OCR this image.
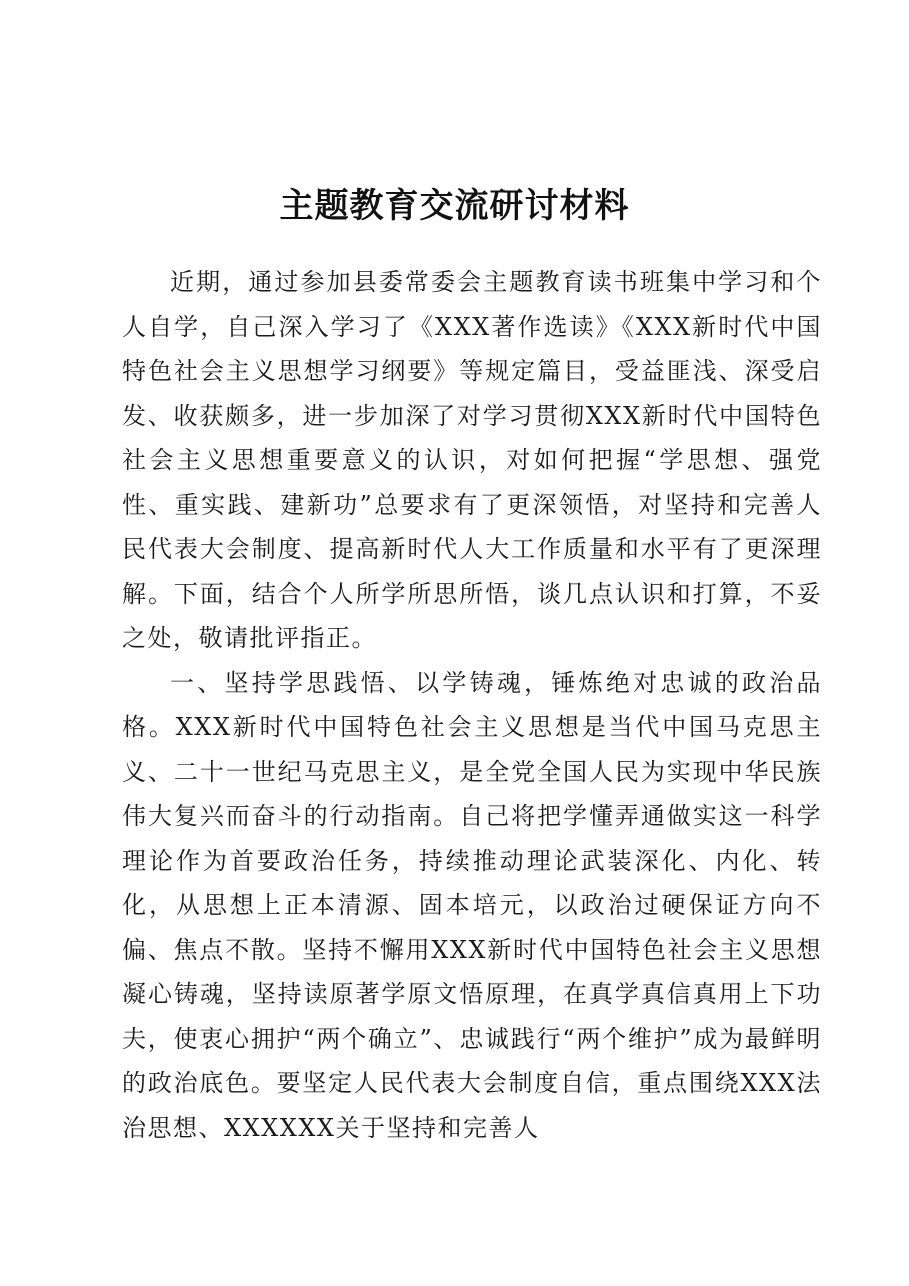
主题教育交流研讨材料

近期，通过参加县委常委会主题教育读书班集中学习和个人自学，自己深入学习了《XXX著作选读》《XXX新时代中国特色社会主义思想学习纲要》等规定篇目，受益匪浅、深受启发、收获颇多，进一步加深了对学习贯彻XXX新时代中国特色社会主义思想重要意义的认识，对如何把握“学思想、强党性、重实践、建新功”总要求有了更深领悟，对坚持和完善人民代表大会制度、提高新时代人大工作质量和水平有了更深理解。下面，结合个人所学所思所悟，谈几点认识和打算，不妥之处，敬请批评指正。

一、坚持学思践悟、以学铸魂，锤炼绝对忠诚的政治品格。XXX新时代中国特色社会主义思想是当代中国马克思主义、二十一世纪马克思主义，是全党全国人民为实现中华民族伟大复兴而奋斗的行动指南。自己将把学懂弄通做实这一科学理论作为首要政治任务，持续推动理论武装深化、内化、转化，从思想上正本清源、固本培元，以政治过硬保证方向不偏、焦点不散。坚持不懈用XXX新时代中国特色社会主义思想凝心铸魂，坚持读原著学原文悟原理，在真学真信真用上下功夫，使衷心拥护“两个确立”、忠诚践行“两个维护”成为最鲜明的政治底色。要坚定人民代表大会制度自信，重点围绕XXX法治思想、XXXXXX关于坚持和完善人
